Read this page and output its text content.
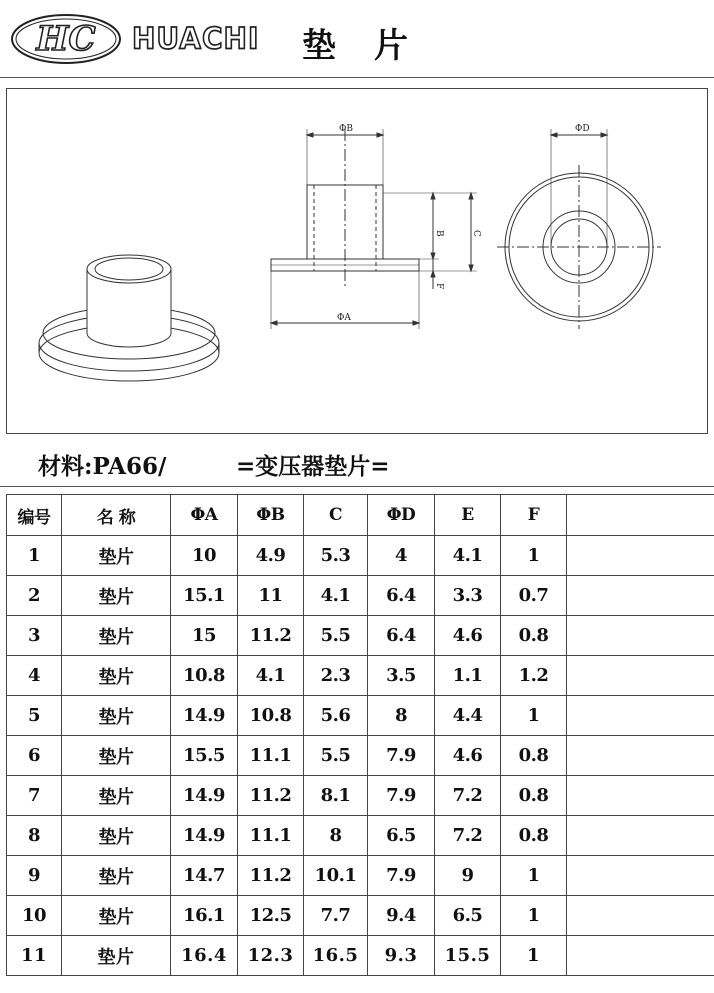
HC HUACHI 垫片
ΦB	ΦD
ΦA
B	C
F
材料:PA66/	=变压器垫片=
编号	名 称	ΦA	ΦB	C	ΦD	E	F	
1	垫片	10	4.9	5.3	4	4.1	1	
2	垫片	15.1	11	4.1	6.4	3.3	0.7	
3	垫片	15	11.2	5.5	6.4	4.6	0.8	
4	垫片	10.8	4.1	2.3	3.5	1.1	1.2	
5	垫片	14.9	10.8	5.6	8	4.4	1	
6	垫片	15.5	11.1	5.5	7.9	4.6	0.8	
7	垫片	14.9	11.2	8.1	7.9	7.2	0.8	
8	垫片	14.9	11.1	8	6.5	7.2	0.8	
9	垫片	14.7	11.2	10.1	7.9	9	1	
10	垫片	16.1	12.5	7.7	9.4	6.5	1	
11	垫片	16.4	12.3	16.5	9.3	15.5	1	
